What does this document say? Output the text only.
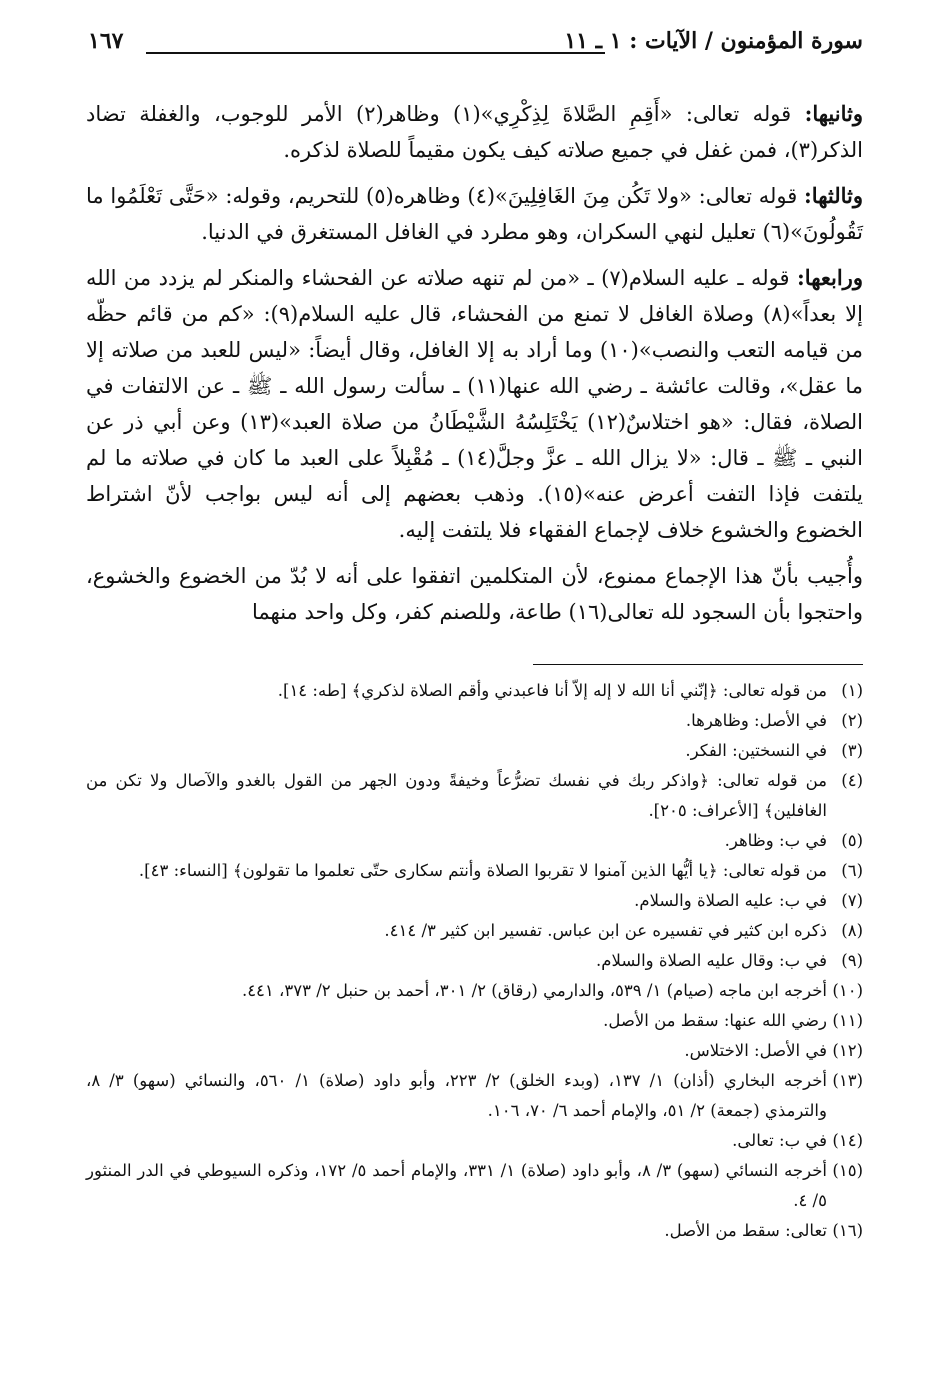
سورة المؤمنون / الآيات : ١ ـ ١١
١٦٧

وثانيها: قوله تعالى: «أَقِمِ الصَّلاةَ لِذِكْرِي»(١) وظاهر(٢) الأمر للوجوب، والغفلة تضاد الذكر(٣)، فمن غفل في جميع صلاته كيف يكون مقيماً للصلاة لذكره.

وثالثها: قوله تعالى: «ولا تَكُن مِنَ الغَافِلِينَ»(٤) وظاهره(٥) للتحريم، وقوله: «حَتَّى تَعْلَمُوا ما تَقُولُونَ»(٦) تعليل لنهي السكران، وهو مطرد في الغافل المستغرق في الدنيا.

ورابعها: قوله ـ عليه السلام(٧) ـ «من لم تنهه صلاته عن الفحشاء والمنكر لم يزدد من الله إلا بعداً»(٨) وصلاة الغافل لا تمنع من الفحشاء، قال عليه السلام(٩): «كم من قائم حظّه من قيامه التعب والنصب»(١٠) وما أراد به إلا الغافل، وقال أيضاً: «ليس للعبد من صلاته إلا ما عقل»، وقالت عائشة ـ رضي الله عنها(١١) ـ سألت رسول الله ـ ﷺ ـ عن الالتفات في الصلاة، فقال: «هو اختلاسٌ(١٢) يَخْتَلِسُهُ الشَّيْطَانُ من صلاة العبد»(١٣) وعن أبي ذر عن النبي ـ ﷺ ـ قال: «لا يزال الله ـ عزَّ وجلَّ(١٤) ـ مُقْبِلاً على العبد ما كان في صلاته ما لم يلتفت فإذا التفت أعرض عنه»(١٥). وذهب بعضهم إلى أنه ليس بواجب لأنّ اشتراط الخضوع والخشوع خلاف لإجماع الفقهاء فلا يلتفت إليه.

وأُجيب بأنّ هذا الإجماع ممنوع، لأن المتكلمين اتفقوا على أنه لا بُدّ من الخضوع والخشوع، واحتجوا بأن السجود لله تعالى(١٦) طاعة، وللصنم كفر، وكل واحد منهما

(١)
من قوله تعالى: ﴿إنّني أنا الله لا إله إلاّ أنا فاعبدني وأقم الصلاة لذكري﴾ [طه: ١٤].
(٢)
في الأصل: وظاهرها.
(٣)
في النسختين: الفكر.
(٤)
من قوله تعالى: ﴿واذكر ربك في نفسك تضرُّعاً وخيفةً ودون الجهر من القول بالغدو والآصال ولا تكن من الغافلين﴾ [الأعراف: ٢٠٥].
(٥)
في ب: وظاهر.
(٦)
من قوله تعالى: ﴿يا أيُّها الذين آمنوا لا تقربوا الصلاة وأنتم سكارى حتّى تعلموا ما تقولون﴾ [النساء: ٤٣].
(٧)
في ب: عليه الصلاة والسلام.
(٨)
ذكره ابن كثير في تفسيره عن ابن عباس. تفسير ابن كثير ٣/ ٤١٤.
(٩)
في ب: وقال عليه الصلاة والسلام.
(١٠)
أخرجه ابن ماجه (صيام) ١/ ٥٣٩، والدارمي (رقاق) ٢/ ٣٠١، أحمد بن حنبل ٢/ ٣٧٣، ٤٤١.
(١١)
رضي الله عنها: سقط من الأصل.
(١٢)
في الأصل: الاختلاس.
(١٣)
أخرجه البخاري (أذان) ١/ ١٣٧، (وبدء الخلق) ٢/ ٢٢٣، وأبو داود (صلاة) ١/ ٥٦٠، والنسائي (سهو) ٣/ ٨، والترمذي (جمعة) ٢/ ٥١، والإمام أحمد ٦/ ٧٠، ١٠٦.
(١٤)
في ب: تعالى.
(١٥)
أخرجه النسائي (سهو) ٣/ ٨، وأبو داود (صلاة) ١/ ٣٣١، والإمام أحمد ٥/ ١٧٢، وذكره السيوطي في الدر المنثور ٥/ ٤.
(١٦)
تعالى: سقط من الأصل.
